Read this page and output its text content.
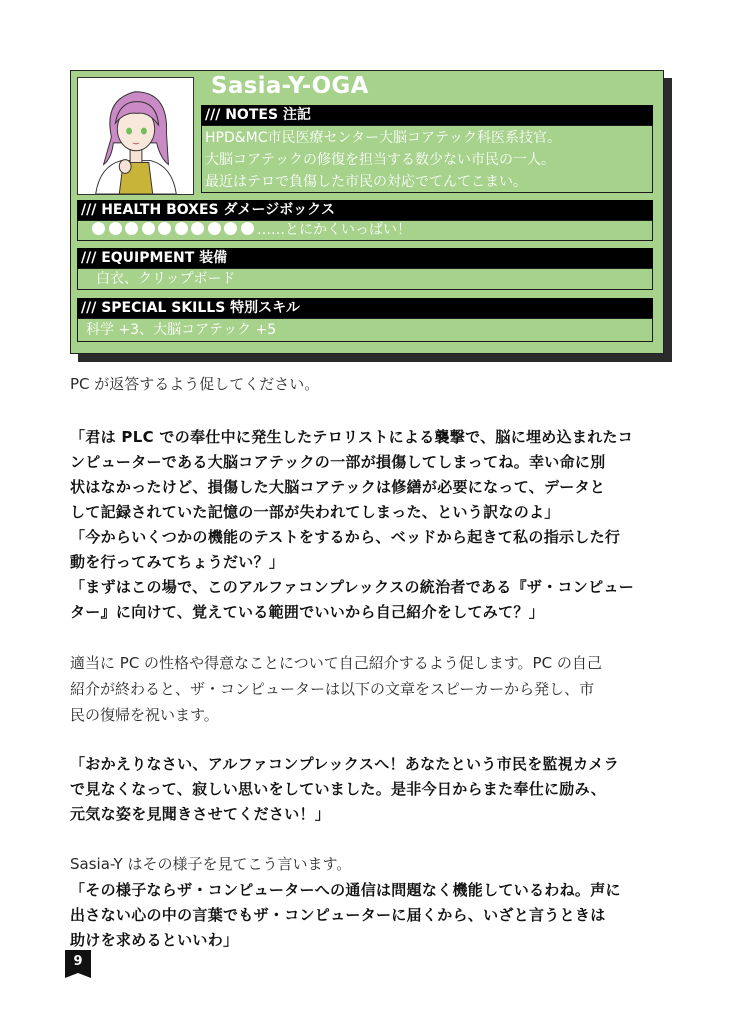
Sasia-Y-OGA
/// NOTES 注記
HPD&MC市民医療センター大脳コアテック科医系技官。
大脳コアテックの修復を担当する数少ない市民の一人。
最近はテロで負傷した市民の対応でてんてこまい。
/// HEALTH BOXES ダメージボックス
……とにかくいっぱい！
/// EQUIPMENT 装備
白衣、クリップボード
/// SPECIAL SKILLS 特別スキル
科学 +3、大脳コアテック +5
PC が返答するよう促してください。
「君は PLC での奉仕中に発生したテロリストによる襲撃で、脳に埋め込まれたコ
ンピューターである大脳コアテックの一部が損傷してしまってね。幸い命に別
状はなかったけど、損傷した大脳コアテックは修繕が必要になって、データと
して記録されていた記憶の一部が失われてしまった、という訳なのよ」
「今からいくつかの機能のテストをするから、ベッドから起きて私の指示した行
動を行ってみてちょうだい？」
「まずはこの場で、このアルファコンプレックスの統治者である『ザ・コンピュー
ター』に向けて、覚えている範囲でいいから自己紹介をしてみて？」
適当に PC の性格や得意なことについて自己紹介するよう促します。PC の自己
紹介が終わると、ザ・コンピューターは以下の文章をスピーカーから発し、市
民の復帰を祝います。
「おかえりなさい、アルファコンプレックスへ！あなたという市民を監視カメラ
で見なくなって、寂しい思いをしていました。是非今日からまた奉仕に励み、
元気な姿を見聞きさせてください！」
Sasia-Y はその様子を見てこう言います。
「その様子ならザ・コンピューターへの通信は問題なく機能しているわね。声に
出さない心の中の言葉でもザ・コンピューターに届くから、いざと言うときは
助けを求めるといいわ」
9
